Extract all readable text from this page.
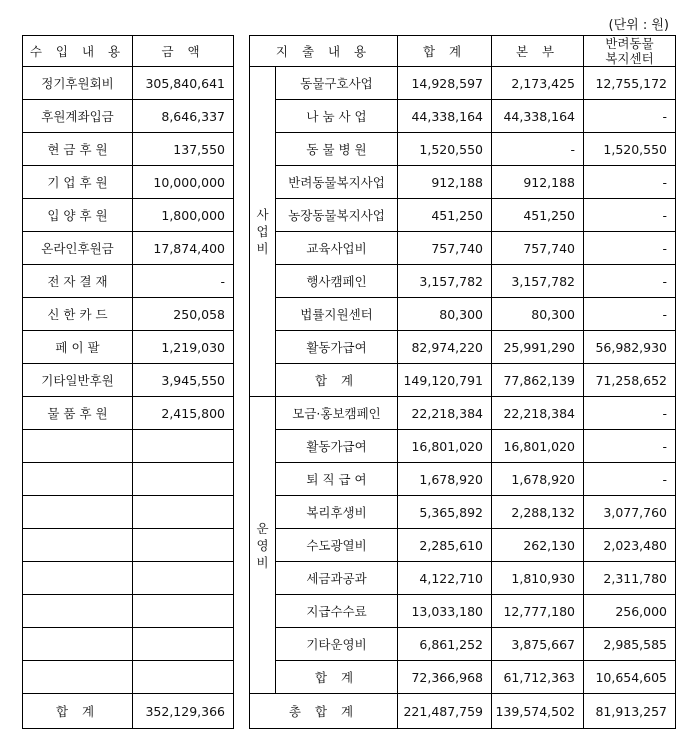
(단위 : 원)
수 입 내 용	금 액
정기후원회비	305,840,641
후원계좌입금	8,646,337
현 금 후 원	137,550
기 업 후 원	10,000,000
입 양 후 원	1,800,000
온라인후원금	17,874,400
전 자 결 재	-
신 한 카 드	250,058
페 이 팔	1,219,030
기타일반후원	3,945,550
물 품 후 원	2,415,800

합 계	352,129,366
지 출 내 용		합 계	본 부	반려동물
복지센터

사
업
비	동물구호사업	14,928,597	2,173,425	12,755,172
	나 눔 사 업	44,338,164	44,338,164	-
	동 물 병 원	1,520,550	-	1,520,550
	반려동물복지사업	912,188	912,188	-
	농장동물복지사업	451,250	451,250	-
	교육사업비	757,740	757,740	-
	행사캠페인	3,157,782	3,157,782	-
	법률지원센터	80,300	80,300	-
	활동가급여	82,974,220	25,991,290	56,982,930
	합 계	149,120,791	77,862,139	71,258,652

운
영
비	모금·홍보캠페인	22,218,384	22,218,384	-
	활동가급여	16,801,020	16,801,020	-
	퇴 직 급 여	1,678,920	1,678,920	-
	복리후생비	5,365,892	2,288,132	3,077,760
	수도광열비	2,285,610	262,130	2,023,480
	세금과공과	4,122,710	1,810,930	2,311,780
	지급수수료	13,033,180	12,777,180	256,000
	기타운영비	6,861,252	3,875,667	2,985,585
	합 계	72,366,968	61,712,363	10,654,605
총 합 계		221,487,759	139,574,502	81,913,257
